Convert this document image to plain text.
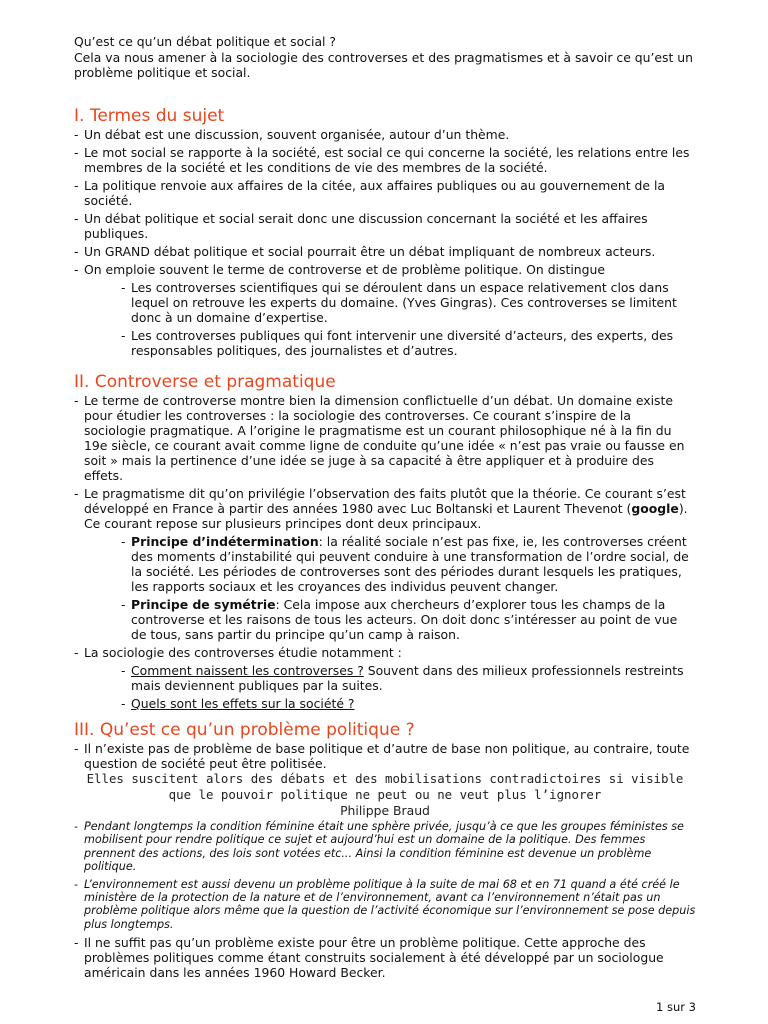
Qu’est ce qu’un débat politique et social ?
Cela va nous amener à la sociologie des controverses et des pragmatismes et à savoir ce qu’est un problème politique et social.
I. Termes du sujet
- Un débat est une discussion, souvent organisée, autour d’un thème.
- Le mot social se rapporte à la société, est social ce qui concerne la société, les relations entre les membres de la société et les conditions de vie des membres de la société.
- La politique renvoie aux affaires de la citée, aux affaires publiques ou au gouvernement de la société.
- Un débat politique et social serait donc une discussion concernant la société et les affaires publiques.
- Un GRAND débat politique et social pourrait être un débat impliquant de nombreux acteurs.
- On emploie souvent le terme de controverse et de problème politique. On distingue
- Les controverses scientifiques qui se déroulent dans un espace relativement clos dans lequel on retrouve les experts du domaine. (Yves Gingras). Ces controverses se limitent donc à un domaine d’expertise.
- Les controverses publiques qui font intervenir une diversité d’acteurs, des experts, des responsables politiques, des journalistes et d’autres.
II. Controverse et pragmatique
- Le terme de controverse montre bien la dimension conflictuelle d’un débat. Un domaine existe pour étudier les controverses : la sociologie des controverses. Ce courant s’inspire de la sociologie pragmatique. A l’origine le pragmatisme est un courant philosophique né à la fin du 19e siècle, ce courant avait comme ligne de conduite qu’une idée « n’est pas vraie ou fausse en soit » mais la pertinence d’une idée se juge à sa capacité à être appliquer et à produire des effets.
- Le pragmatisme dit qu’on privilégie l’observation des faits plutôt que la théorie. Ce courant s’est développé en France à partir des années 1980 avec Luc Boltanski et Laurent Thevenot (google). Ce courant repose sur plusieurs principes dont deux principaux.
- Principe d’indétermination: la réalité sociale n’est pas fixe, ie, les controverses créent des moments d’instabilité qui peuvent conduire à une transformation de l’ordre social, de la société. Les périodes de controverses sont des périodes durant lesquels les pratiques, les rapports sociaux et les croyances des individus peuvent changer.
- Principe de symétrie: Cela impose aux chercheurs d’explorer tous les champs de la controverse et les raisons de tous les acteurs. On doit donc s’intéresser au point de vue de tous, sans partir du principe qu’un camp à raison.
- La sociologie des controverses étudie notamment :
- Comment naissent les controverses ? Souvent dans des milieux professionnels restreints mais deviennent publiques par la suites.
- Quels sont les effets sur la société ?
III. Qu’est ce qu’un problème politique ?
- Il n’existe pas de problème de base politique et d’autre de base non politique, au contraire, toute question de société peut être politisée.
Elles suscitent alors des débats et des mobilisations contradictoires si visible que le pouvoir politique ne peut ou ne veut plus l’ignorer
Philippe Braud
- Pendant longtemps la condition féminine était une sphère privée, jusqu’à ce que les groupes féministes se mobilisent pour rendre politique ce sujet et aujourd’hui est un domaine de la politique. Des femmes prennent des actions, des lois sont votées etc... Ainsi la condition féminine est devenue un problème politique.
- L’environnement est aussi devenu un problème politique à la suite de mai 68 et en 71 quand a été créé le ministère de la protection de la nature et de l’environnement, avant ca l’environnement n’était pas un problème politique alors même que la question de l’activité économique sur l’environnement se pose depuis plus longtemps.
- Il ne suffit pas qu’un problème existe pour être un problème politique. Cette approche des problèmes politiques comme étant construits socialement à été développé par un sociologue américain dans les années 1960 Howard Becker.
1 sur 3
